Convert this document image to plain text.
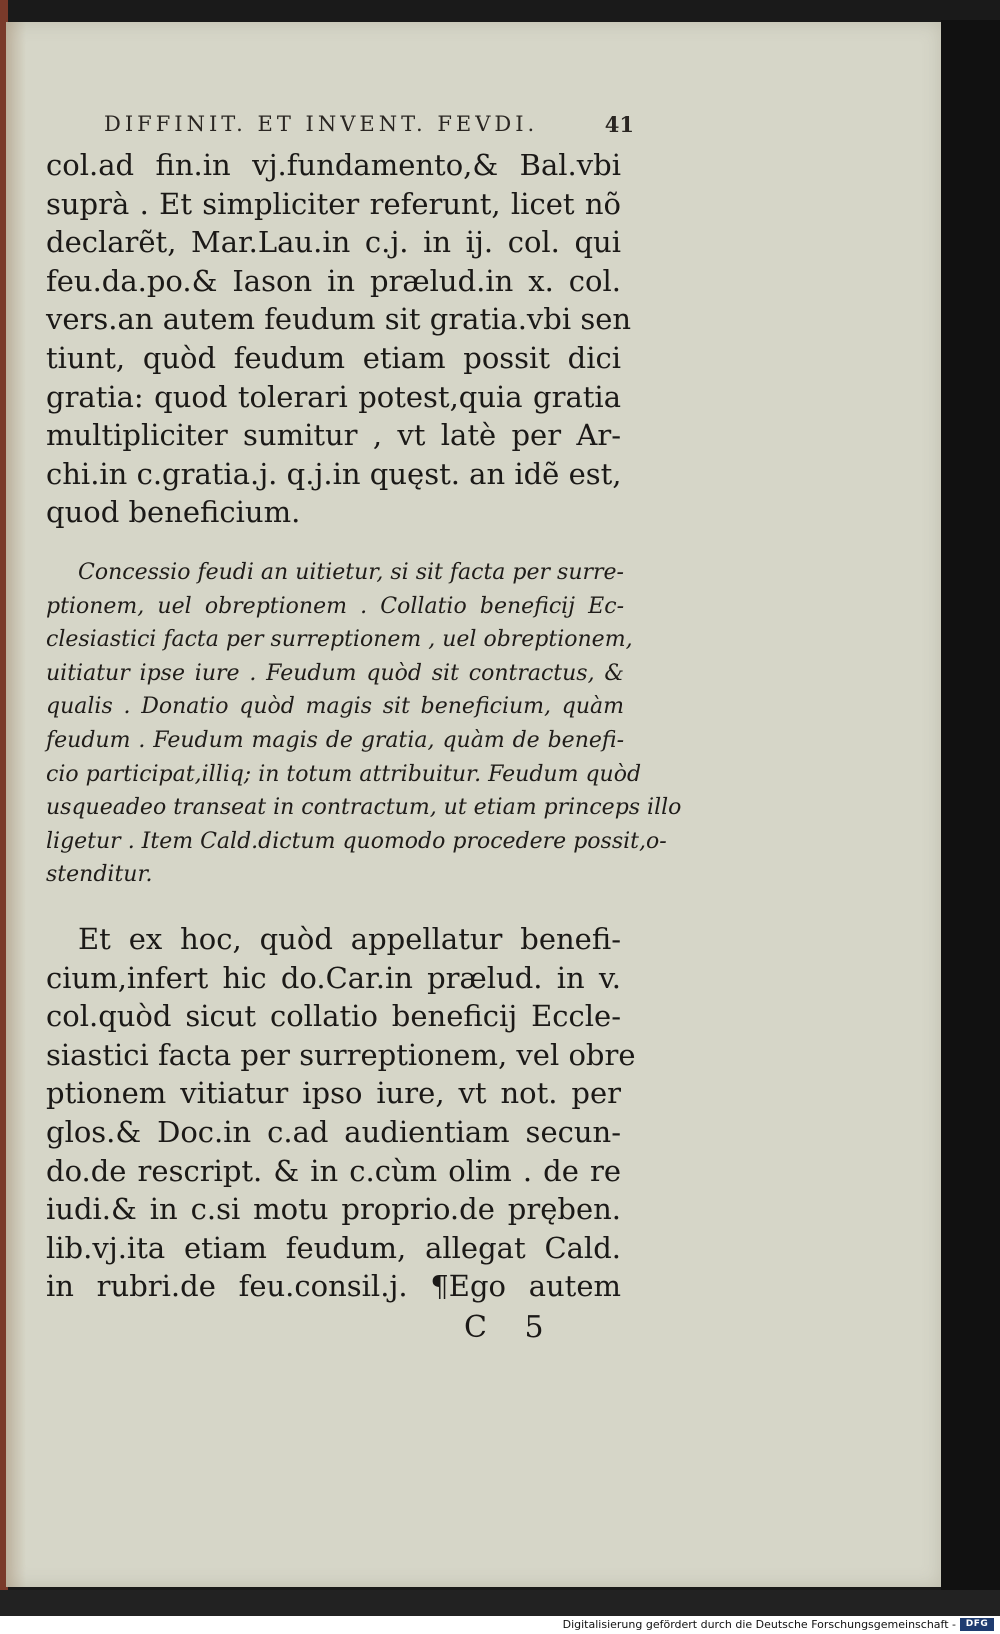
DIFFINIT. ET INVENT. FEVDI.	41
col.ad fin.in vj.fundamento,& Bal.vbi
suprà . Et simpliciter referunt, licet nõ
declarẽt, Mar.Lau.in c.j. in ij. col. qui
feu.da.po.& Iason in prælud.in x. col.
vers.an autem feudum sit gratia.vbi sen
tiunt, quòd feudum etiam possit dici
gratia: quod tolerari potest,quia gratia
multipliciter sumitur , vt latè per Ar-
chi.in c.gratia.j. q.j.in quęst. an idẽ est,
quod beneficium.
Concessio feudi an uitietur, si sit facta per surre-
ptionem, uel obreptionem . Collatio beneficij Ec-
clesiastici facta per surreptionem , uel obreptionem,
uitiatur ipse iure . Feudum quòd sit contractus, &
qualis . Donatio quòd magis sit beneficium, quàm
feudum . Feudum magis de gratia, quàm de benefi-
cio participat,illiq; in totum attribuitur. Feudum quòd
usqueadeo transeat in contractum, ut etiam princeps illo
ligetur . Item Cald.dictum quomodo procedere possit,o-
stenditur.
Et ex hoc, quòd appellatur benefi-
cium,infert hic do.Car.in prælud. in v.
col.quòd sicut collatio beneficij Eccle-
siastici facta per surreptionem, vel obre
ptionem vitiatur ipso iure, vt not. per
glos.& Doc.in c.ad audientiam secun-
do.de rescript. & in c.cùm olim . de re
iudi.& in c.si motu proprio.de pręben.
lib.vj.ita etiam feudum, allegat Cald.
in rubri.de feu.consil.j. ¶Ego autem
C 5
Digitalisierung gefördert durch die Deutsche Forschungsgemeinschaft -	DFG
